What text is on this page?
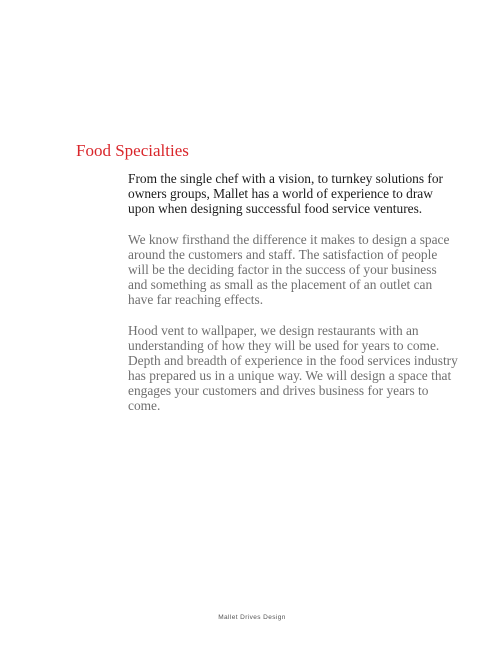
Food Specialties

From the single chef with a vision, to turnkey solutions for owners groups, Mallet has a world of experience to draw upon when designing successful food service ventures.

We know firsthand the difference it makes to design a space around the customers and staff. The satisfaction of people will be the deciding factor in the success of your business and something as small as the placement of an outlet can have far reaching effects.

Hood vent to wallpaper, we design restaurants with an understanding of how they will be used for years to come. Depth and breadth of experience in the food services industry has prepared us in a unique way. We will design a space that engages your customers and drives business for years to come.

Mallet Drives Design
